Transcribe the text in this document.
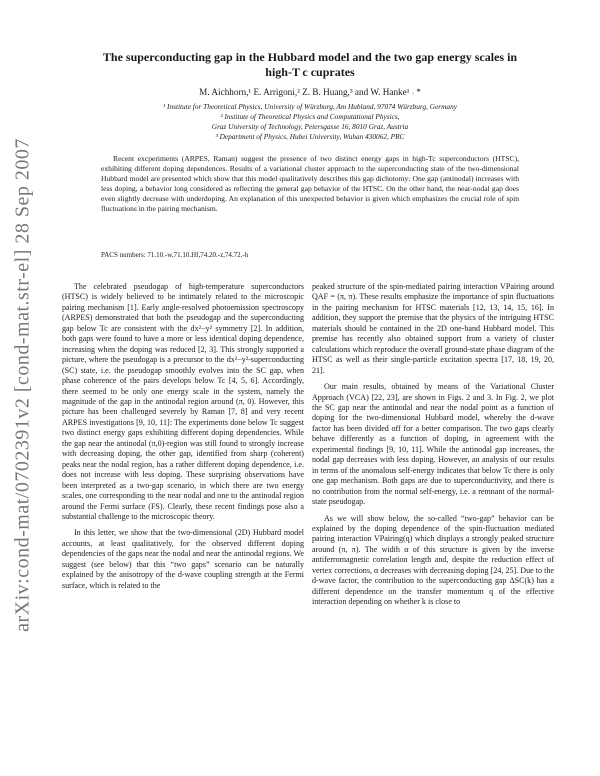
arXiv:cond-mat/0702391v2 [cond-mat.str-el] 28 Sep 2007
The superconducting gap in the Hubbard model and the two gap energy scales in
high-T c cuprates
M. Aichhorn,¹ E. Arrigoni,² Z. B. Huang,³ and W. Hanke¹ ˒ *
¹ Institute for Theoretical Physics, University of Würzburg, Am Hubland, 97074 Würzburg, Germany
² Institute of Theoretical Physics and Computational Physics,
Graz University of Technology, Petersgasse 16, 8010 Graz, Austria
³ Department of Physics, Hubei University, Wuhan 430062, PRC
Recent excperiments (ARPES, Raman) suggest the presence of two distinct energy gaps in high-Tc superconductors (HTSC), exhibiting different doping dependences. Results of a variational cluster approach to the superconducting state of the two-dimensional Hubbard model are presented which show that this model qualitatively describes this gap dichotomy: One gap (antinodal) increases with less doping, a behavior long considered as reflecting the general gap behavior of the HTSC. On the other hand, the near-nodal gap does even slightly decrease with underdoping. An explanation of this unexpected behavior is given which emphasizes the crucial role of spin fluctuations in the pairing mechanism.
PACS numbers: 71.10.-w,71.10.Hf,74.20.-z,74.72.-h

The celebrated pseudogap of high-temperature superconductors (HTSC) is widely believed to be intimately related to the microscopic pairing mechanism [1]. Early angle-resolved photoemission spectroscopy (ARPES) demonstrated that both the pseudogap and the superconducting gap below Tc are consistent with the dx²−y² symmetry [2]. In addition, both gaps were found to have a more or less identical doping dependence, increasing when the doping was reduced [2, 3]. This strongly supported a picture, where the pseudogap is a precursor to the dx²−y²-superconducting (SC) state, i.e. the pseudogap smoothly evolves into the SC gap, when phase coherence of the pairs develops below Tc [4, 5, 6]. Accordingly, there seemed to be only one energy scale in the system, namely the magnitude of the gap in the antinodal region around (π, 0). However, this picture has been challenged severely by Raman [7, 8] and very recent ARPES investigations [9, 10, 11]: The experiments done below Tc suggest two distinct energy gaps exhibiting different doping dependencies. While the gap near the antinodal (π,0)-region was still found to strongly increase with decreasing doping, the other gap, identified from sharp (coherent) peaks near the nodal region, has a rather different doping dependence, i.e. does not increase with less doping. These surprising observations have been interpreted as a two-gap scenario, in which there are two energy scales, one corresponding to the near nodal and one to the antinodal region around the Fermi surface (FS). Clearly, these recent findings pose also a substantial challenge to the microscopic theory.

In this letter, we show that the two-dimensional (2D) Hubbard model accounts, at least qualitatively, for the observed different doping dependencies of the gaps near the nodal and near the antinodal regions. We suggest (see below) that this “two gaps” scenario can be naturally explained by the anisotropy of the d-wave coupling strength at the Fermi surface, which is related to the

peaked structure of the spin-mediated pairing interaction VPairing around QAF = (π, π). These results emphasize the importance of spin fluctuations in the pairing mechanism for HTSC materials [12, 13, 14, 15, 16]. In addition, they support the premise that the physics of the intriguing HTSC materials should be contained in the 2D one-band Hubbard model. This premise has recently also obtained support from a variety of cluster calculations which reproduce the overall ground-state phase diagram of the HTSC as well as their single-particle excitation spectra [17, 18, 19, 20, 21].

Our main results, obtained by means of the Variational Cluster Approach (VCA) [22, 23], are shown in Figs. 2 and 3. In Fig. 2, we plot the SC gap near the antinodal and near the nodal point as a function of doping for the two-dimensional Hubbard model, whereby the d-wave factor has been divided off for a better comparison. The two gaps clearly behave differently as a function of doping, in agreement with the experimental findings [9, 10, 11]. While the antinodal gap increases, the nodal gap decreases with less doping. However, an analysis of our results in terms of the anomalous self-energy indicates that below Tc there is only one gap mechanism. Both gaps are due to superconductivity, and there is no contribution from the normal self-energy, i.e. a remnant of the normal-state pseudogap.

As we will show below, the so-called “two-gap” behavior can be explained by the doping dependence of the spin-fluctuation mediated pairing interaction VPairing(q) which displays a strongly peaked structure around (π, π). The width α of this structure is given by the inverse antiferromagnetic correlation length and, despite the reduction effect of vertex corrections, α decreases with decreasing doping [24, 25]. Due to the d-wave factor, the contribution to the superconducting gap ΔSC(k) has a different dependence on the transfer momentum q of the effective interaction depending on whether k is close to
